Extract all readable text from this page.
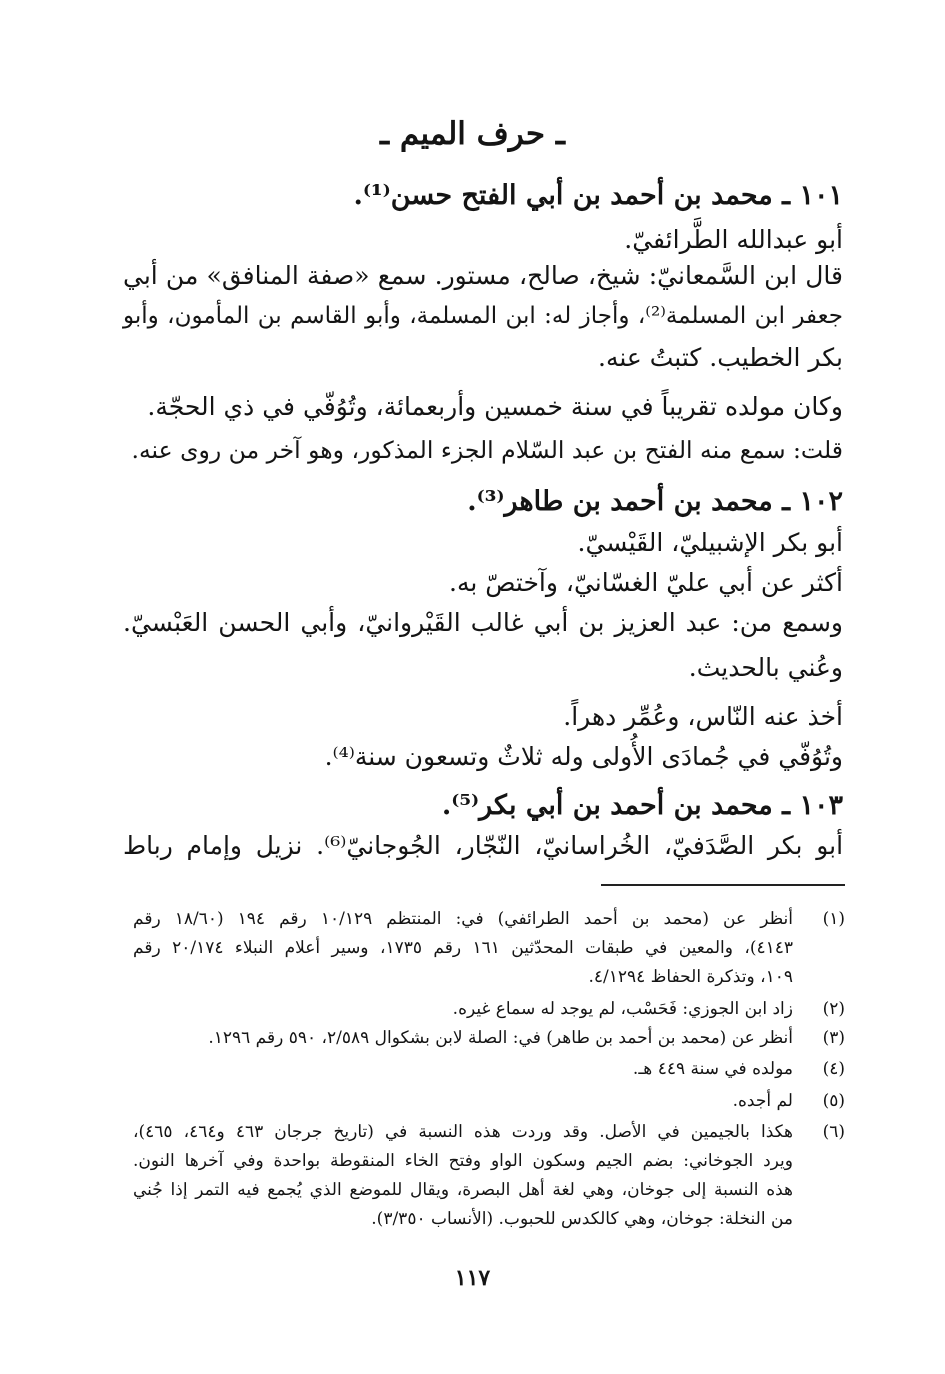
ـ حرف الميم ـ
١٠١ ـ محمد بن أحمد بن أبي الفتح حسن⁽¹⁾.
أبو عبدالله الطَّرائفيّ.
قال ابن السَّمعانيّ: شيخ، صالح، مستور. سمع «صفة المنافق» من أبي
جعفر ابن المسلمة⁽²⁾، وأجاز له: ابن المسلمة، وأبو القاسم بن المأمون، وأبو
بكر الخطيب. كتبتُ عنه.
وكان مولده تقريباً في سنة خمسين وأربعمائة، وتُوُفّي في ذي الحجّة.
قلت: سمع منه الفتح بن عبد السّلام الجزء المذكور، وهو آخر من روى عنه.
١٠٢ ـ محمد بن أحمد بن طاهر⁽³⁾.
أبو بكر الإشبيليّ، القَيْسيّ.
أكثر عن أبي عليّ الغسّانيّ، وآختصّ به.
وسمع من: عبد العزيز بن أبي غالب القَيْروانيّ، وأبي الحسن العَبْسيّ.
وعُني بالحديث.
أخذ عنه النّاس، وعُمِّر دهراً.
وتُوُفّي في جُمادَى الأُولى وله ثلاثٌ وتسعون سنة⁽⁴⁾.
١٠٣ ـ محمد بن أحمد بن أبي بكر⁽⁵⁾.
أبو بكر الصَّدَفيّ، الخُراسانيّ، النّجّار، الجُوجانيّ⁽⁶⁾. نزيل وإمام رباط
(١)
أنظر عن (محمد بن أحمد الطرائفي) في: المنتظم ١٠/١٢٩ رقم ١٩٤ (١٨/٦٠ رقم
٤١٤٣)، والمعين في طبقات المحدّثين ١٦١ رقم ١٧٣٥، وسير أعلام النبلاء ٢٠/١٧٤ رقم
١٠٩، وتذكرة الحفاظ ٤/١٢٩٤.
(٢)
زاد ابن الجوزي: فَحَسْب، لم يوجد له سماع غيره.
(٣)
أنظر عن (محمد بن أحمد بن طاهر) في: الصلة لابن بشكوال ٢/٥٨٩، ٥٩٠ رقم ١٢٩٦.
(٤)
مولده في سنة ٤٤٩ هـ.
(٥)
لم أجده.
(٦)
هكذا بالجيمين في الأصل. وقد وردت هذه النسبة في (تاريخ جرجان ٤٦٣ و٤٦٤، ٤٦٥)،
ويرد الجوخاني: بضم الجيم وسكون الواو وفتح الخاء المنقوطة بواحدة وفي آخرها النون.
هذه النسبة إلى جوخان، وهي لغة أهل البصرة، ويقال للموضع الذي يُجمع فيه التمر إذا جُني
من النخلة: جوخان، وهي كالكدس للحبوب. (الأنساب ٣/٣٥٠).
١١٧
